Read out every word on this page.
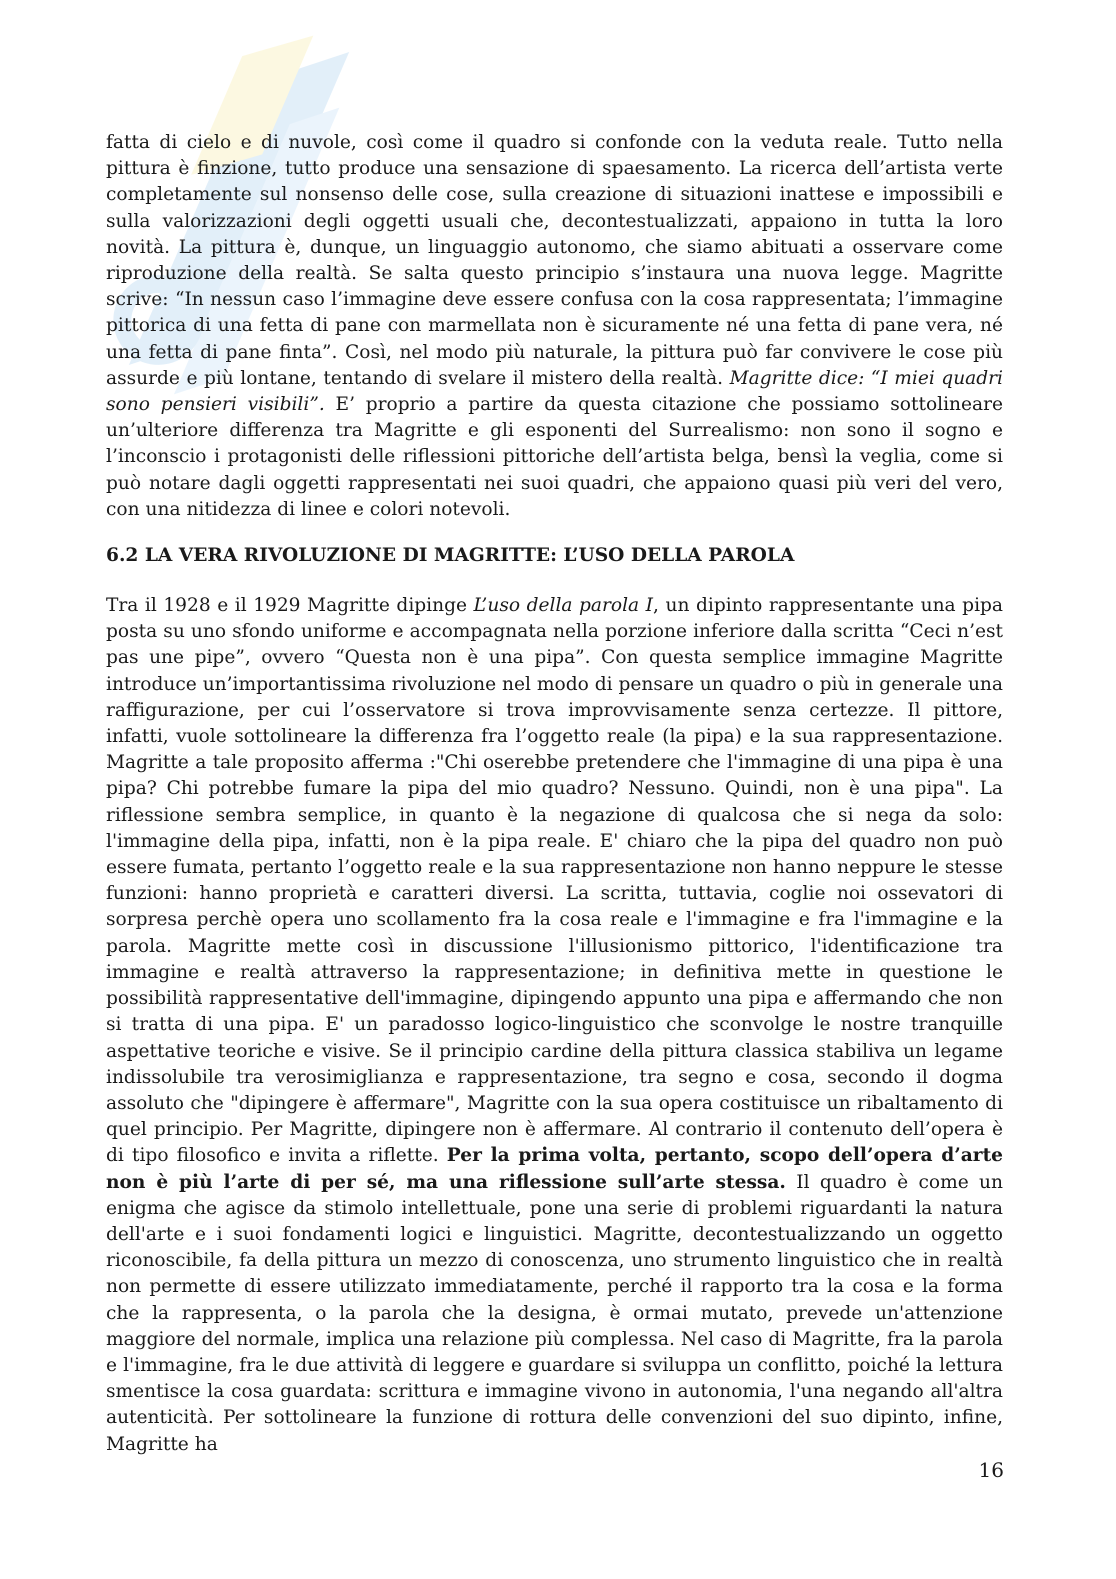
fatta di cielo e di nuvole, così come il quadro si confonde con la veduta reale. Tutto nella pittura è finzione, tutto produce una sensazione di spaesamento. La ricerca dell’artista verte completamente sul nonsenso delle cose, sulla creazione di situazioni inattese e impossibili e sulla valorizzazioni degli oggetti usuali che, decontestualizzati, appaiono in tutta la loro novità. La pittura è, dunque, un linguaggio autonomo, che siamo abituati a osservare come riproduzione della realtà. Se salta questo principio s’instaura una nuova legge. Magritte scrive: “In nessun caso l’immagine deve essere confusa con la cosa rappresentata; l’immagine pittorica di una fetta di pane con marmellata non è sicuramente né una fetta di pane vera, né una fetta di pane finta”. Così, nel modo più naturale, la pittura può far convivere le cose più assurde e più lontane, tentando di svelare il mistero della realtà. Magritte dice: “I miei quadri sono pensieri visibili”. E’ proprio a partire da questa citazione che possiamo sottolineare un’ulteriore differenza tra Magritte e gli esponenti del Surrealismo: non sono il sogno e l’inconscio i protagonisti delle riflessioni pittoriche dell’artista belga, bensì la veglia, come si può notare dagli oggetti rappresentati nei suoi quadri, che appaiono quasi più veri del vero, con una nitidezza di linee e colori notevoli.

6.2 LA VERA RIVOLUZIONE DI MAGRITTE: L’USO DELLA PAROLA

Tra il 1928 e il 1929 Magritte dipinge L’uso della parola I, un dipinto rappresentante una pipa posta su uno sfondo uniforme e accompagnata nella porzione inferiore dalla scritta “Ceci n’est pas une pipe”, ovvero “Questa non è una pipa”. Con questa semplice immagine Magritte introduce un’importantissima rivoluzione nel modo di pensare un quadro o più in generale una raffigurazione, per cui l’osservatore si trova improvvisamente senza certezze. Il pittore, infatti, vuole sottolineare la differenza fra l’oggetto reale (la pipa) e la sua rappresentazione. Magritte a tale proposito afferma :"Chi oserebbe pretendere che l'immagine di una pipa è una pipa? Chi potrebbe fumare la pipa del mio quadro? Nessuno. Quindi, non è una pipa". La riflessione sembra semplice, in quanto è la negazione di qualcosa che si nega da solo: l'immagine della pipa, infatti, non è la pipa reale. E' chiaro che la pipa del quadro non può essere fumata, pertanto l’oggetto reale e la sua rappresentazione non hanno neppure le stesse funzioni: hanno proprietà e caratteri diversi. La scritta, tuttavia, coglie noi ossevatori di sorpresa perchè opera uno scollamento fra la cosa reale e l'immagine e fra l'immagine e la parola. Magritte mette così in discussione l'illusionismo pittorico, l'identificazione tra immagine e realtà attraverso la rappresentazione; in definitiva mette in questione le possibilità rappresentative dell'immagine, dipingendo appunto una pipa e affermando che non si tratta di una pipa. E' un paradosso logico-linguistico che sconvolge le nostre tranquille aspettative teoriche e visive. Se il principio cardine della pittura classica stabiliva un legame indissolubile tra verosimiglianza e rappresentazione, tra segno e cosa, secondo il dogma assoluto che "dipingere è affermare", Magritte con la sua opera costituisce un ribaltamento di quel principio. Per Magritte, dipingere non è affermare. Al contrario il contenuto dell’opera è di tipo filosofico e invita a riflette. Per la prima volta, pertanto, scopo dell’opera d’arte non è più l’arte di per sé, ma una riflessione sull’arte stessa. Il quadro è come un enigma che agisce da stimolo intellettuale, pone una serie di problemi riguardanti la natura dell'arte e i suoi fondamenti logici e linguistici. Magritte, decontestualizzando un oggetto riconoscibile, fa della pittura un mezzo di conoscenza, uno strumento linguistico che in realtà non permette di essere utilizzato immediatamente, perché il rapporto tra la cosa e la forma che la rappresenta, o la parola che la designa, è ormai mutato, prevede un'attenzione maggiore del normale, implica una relazione più complessa. Nel caso di Magritte, fra la parola e l'immagine, fra le due attività di leggere e guardare si sviluppa un conflitto, poiché la lettura smentisce la cosa guardata: scrittura e immagine vivono in autonomia, l'una negando all'altra autenticità. Per sottolineare la funzione di rottura delle convenzioni del suo dipinto, infine, Magritte ha

16
